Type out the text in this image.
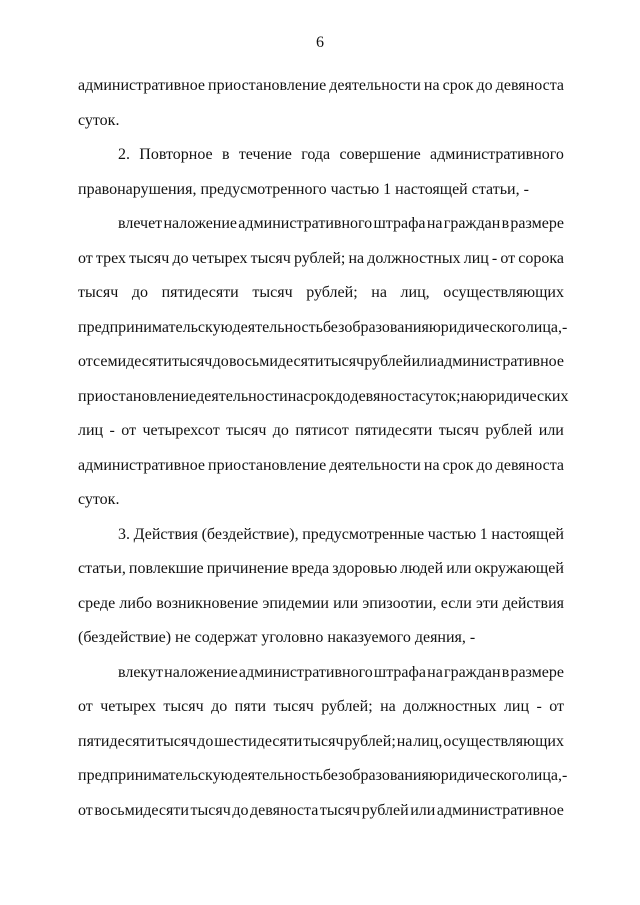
6
административное приостановление деятельности на срок до девяноста
суток.
2. Повторное в течение года совершение административного
правонарушения, предусмотренного частью 1 настоящей статьи, -
влечет наложение административного штрафа на граждан в размере
от трех тысяч до четырех тысяч рублей; на должностных лиц - от сорока
тысяч до пятидесяти тысяч рублей; на лиц, осуществляющих
предпринимательскую деятельность без образования юридического лица, -
от семидесяти тысяч до восьмидесяти тысяч рублей или административное
приостановление деятельности на срок до девяноста суток; на юридических
лиц - от четырехсот тысяч до пятисот пятидесяти тысяч рублей или
административное приостановление деятельности на срок до девяноста
суток.
3. Действия (бездействие), предусмотренные частью 1 настоящей
статьи, повлекшие причинение вреда здоровью людей или окружающей
среде либо возникновение эпидемии или эпизоотии, если эти действия
(бездействие) не содержат уголовно наказуемого деяния, -
влекут наложение административного штрафа на граждан в размере
от четырех тысяч до пяти тысяч рублей; на должностных лиц - от
пятидесяти тысяч до шестидесяти тысяч рублей; на лиц, осуществляющих
предпринимательскую деятельность без образования юридического лица, -
от восьмидесяти тысяч до девяноста тысяч рублей или административное
